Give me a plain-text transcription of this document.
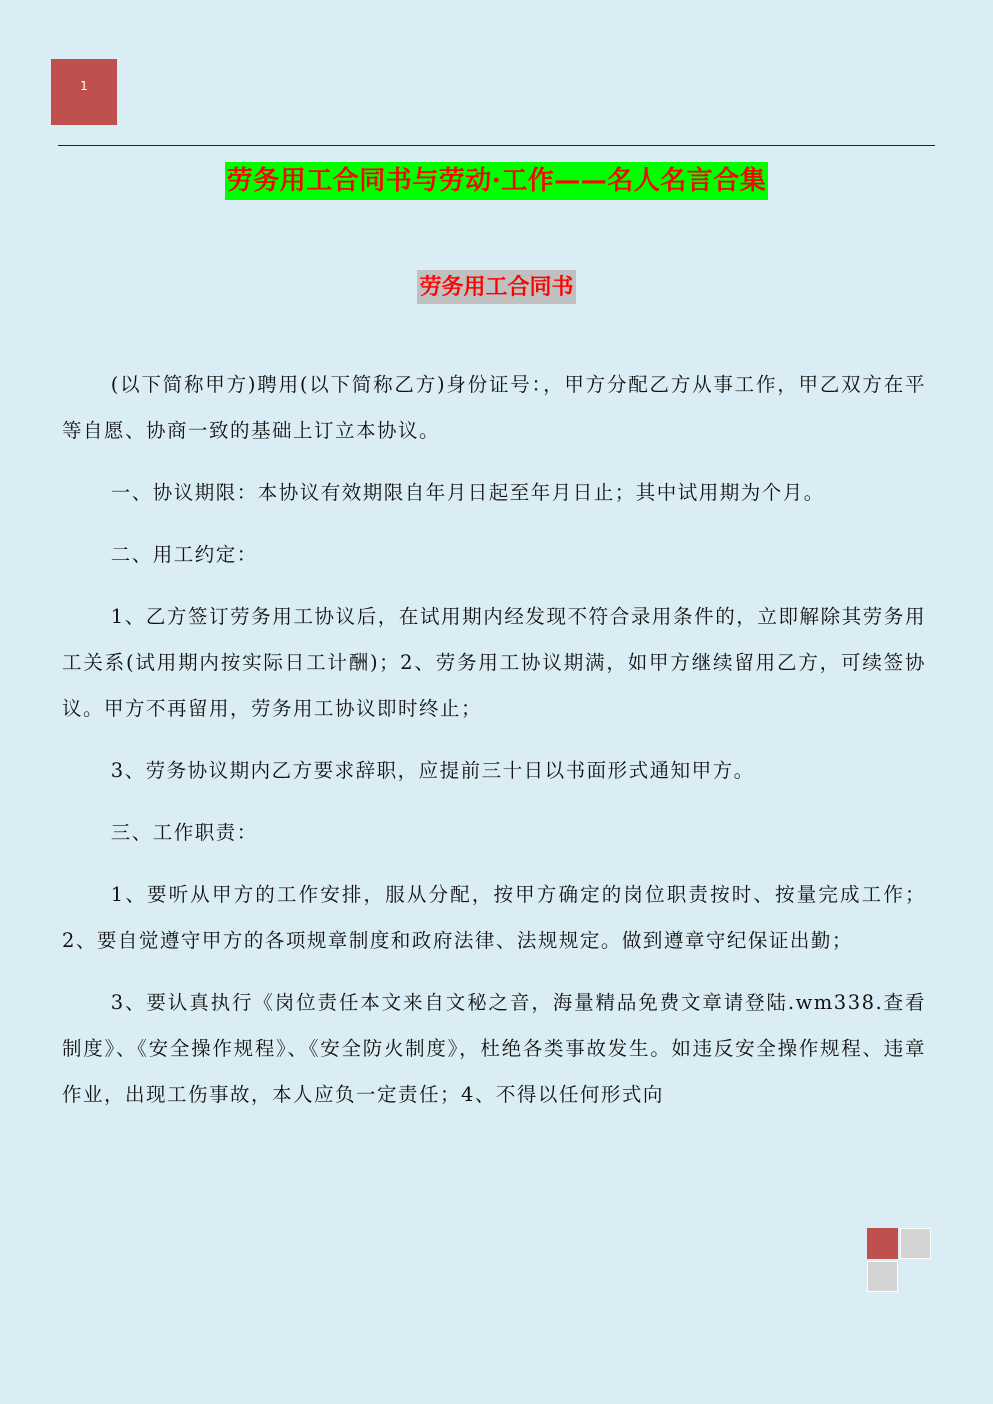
1
劳务用工合同书与劳动·工作——名人名言合集
劳务用工合同书

(以下简称甲方)聘用(以下简称乙方)身份证号：，甲方分配乙方从事工作，甲乙双方在平等自愿、协商一致的基础上订立本协议。

一、协议期限：本协议有效期限自年月日起至年月日止；其中试用期为个月。

二、用工约定：

1、乙方签订劳务用工协议后，在试用期内经发现不符合录用条件的，立即解除其劳务用工关系(试用期内按实际日工计酬)；2、劳务用工协议期满，如甲方继续留用乙方，可续签协议。甲方不再留用，劳务用工协议即时终止；

3、劳务协议期内乙方要求辞职，应提前三十日以书面形式通知甲方。

三、工作职责：

1、要听从甲方的工作安排，服从分配，按甲方确定的岗位职责按时、按量完成工作；2、要自觉遵守甲方的各项规章制度和政府法律、法规规定。做到遵章守纪保证出勤；

3、要认真执行《岗位责任本文来自文秘之音，海量精品免费文章请登陆.wm338.查看制度》、《安全操作规程》、《安全防火制度》，杜绝各类事故发生。如违反安全操作规程、违章作业，出现工伤事故，本人应负一定责任；4、不得以任何形式向
